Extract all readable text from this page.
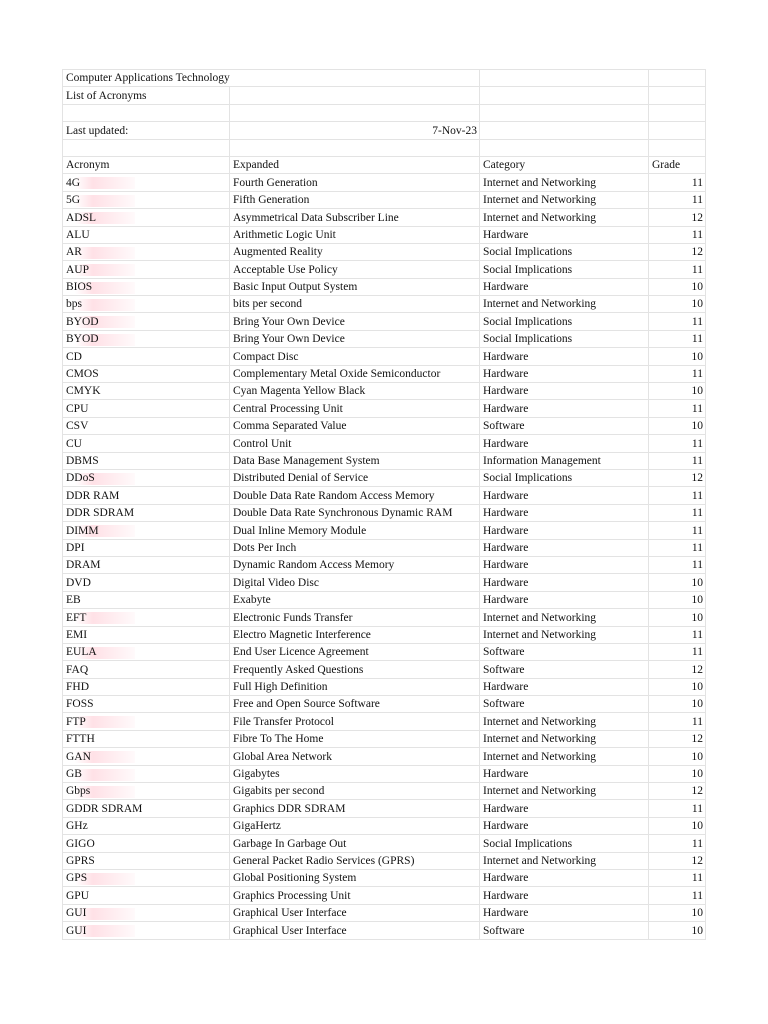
Computer Applications Technology			
List of Acronyms			

Last updated:	7-Nov-23		

Acronym	Expanded	Category	Grade
4G	Fourth Generation	Internet and Networking	11
5G	Fifth Generation	Internet and Networking	11
ADSL	Asymmetrical Data Subscriber Line	Internet and Networking	12
ALU	Arithmetic Logic Unit	Hardware	11
AR	Augmented Reality	Social Implications	12
AUP	Acceptable Use Policy	Social Implications	11
BIOS	Basic Input Output System	Hardware	10
bps	bits per second	Internet and Networking	10
BYOD	Bring Your Own Device	Social Implications	11
BYOD	Bring Your Own Device	Social Implications	11
CD	Compact Disc	Hardware	10
CMOS	Complementary Metal Oxide Semiconductor	Hardware	11
CMYK	Cyan Magenta Yellow Black	Hardware	10
CPU	Central Processing Unit	Hardware	11
CSV	Comma Separated Value	Software	10
CU	Control Unit	Hardware	11
DBMS	Data Base Management System	Information Management	11
DDoS	Distributed Denial of Service	Social Implications	12
DDR RAM	Double Data Rate Random Access Memory	Hardware	11
DDR SDRAM	Double Data Rate Synchronous Dynamic RAM	Hardware	11
DIMM	Dual Inline Memory Module	Hardware	11
DPI	Dots Per Inch	Hardware	11
DRAM	Dynamic Random Access Memory	Hardware	11
DVD	Digital Video Disc	Hardware	10
EB	Exabyte	Hardware	10
EFT	Electronic Funds Transfer	Internet and Networking	10
EMI	Electro Magnetic Interference	Internet and Networking	11
EULA	End User Licence Agreement	Software	11
FAQ	Frequently Asked Questions	Software	12
FHD	Full High Definition	Hardware	10
FOSS	Free and Open Source Software	Software	10
FTP	File Transfer Protocol	Internet and Networking	11
FTTH	Fibre To The Home	Internet and Networking	12
GAN	Global Area Network	Internet and Networking	10
GB	Gigabytes	Hardware	10
Gbps	Gigabits per second	Internet and Networking	12
GDDR SDRAM	Graphics DDR SDRAM	Hardware	11
GHz	GigaHertz	Hardware	10
GIGO	Garbage In Garbage Out	Social Implications	11
GPRS	General Packet Radio Services (GPRS)	Internet and Networking	12
GPS	Global Positioning System	Hardware	11
GPU	Graphics Processing Unit	Hardware	11
GUI	Graphical User Interface	Hardware	10
GUI	Graphical User Interface	Software	10
